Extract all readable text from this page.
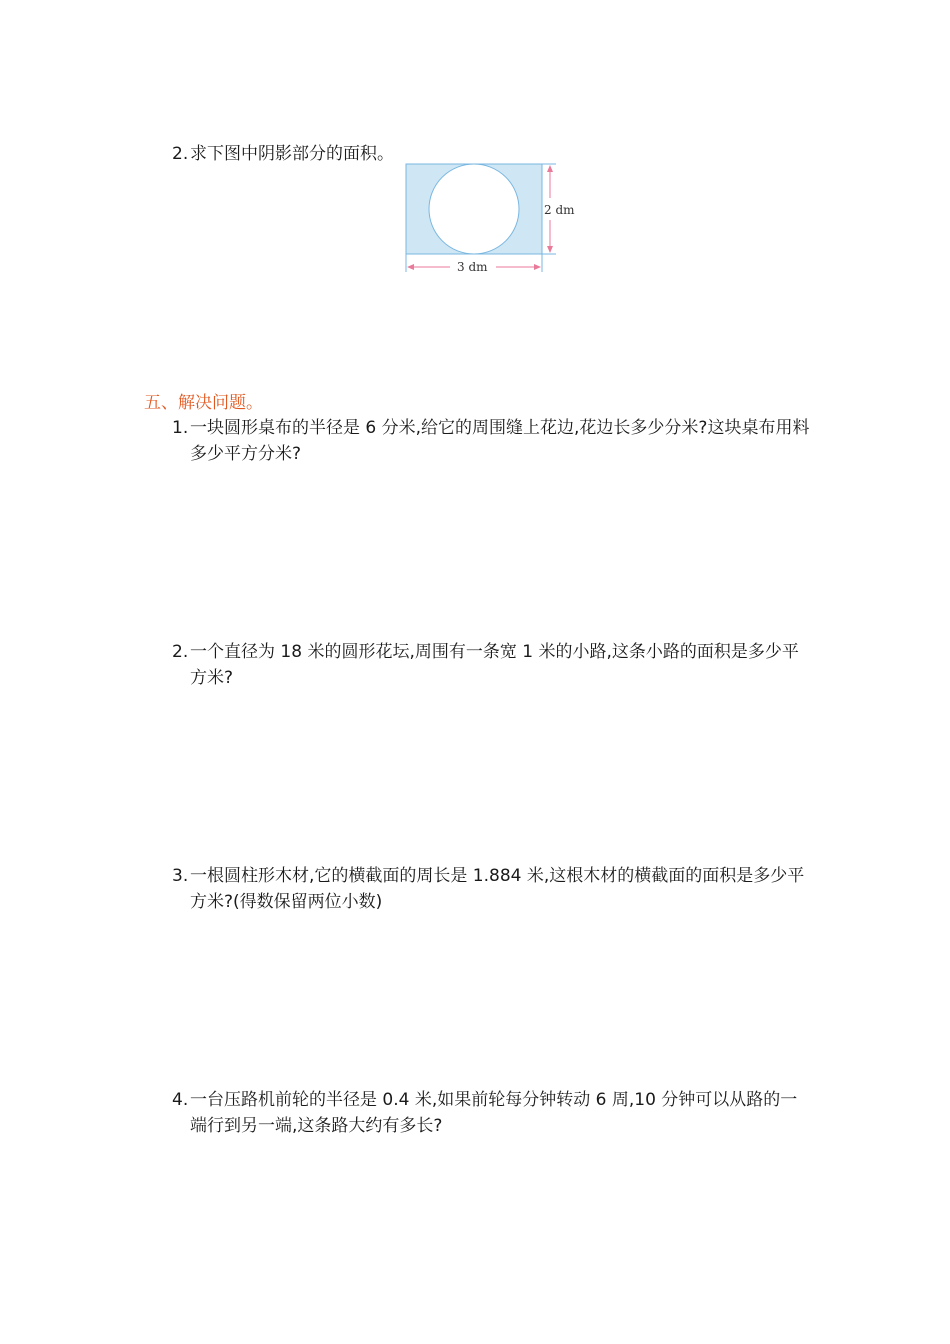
2. 求下图中阴影部分的面积。
2 dm
3 dm
五、解决问题。
1. 一块圆形桌布的半径是 6 分米,给它的周围缝上花边,花边长多少分米?这块桌布用料多少平方分米?
2. 一个直径为 18 米的圆形花坛,周围有一条宽 1 米的小路,这条小路的面积是多少平方米?
3. 一根圆柱形木材,它的横截面的周长是 1.884 米,这根木材的横截面的面积是多少平方米?(得数保留两位小数)
4. 一台压路机前轮的半径是 0.4 米,如果前轮每分钟转动 6 周,10 分钟可以从路的一端行到另一端,这条路大约有多长?
